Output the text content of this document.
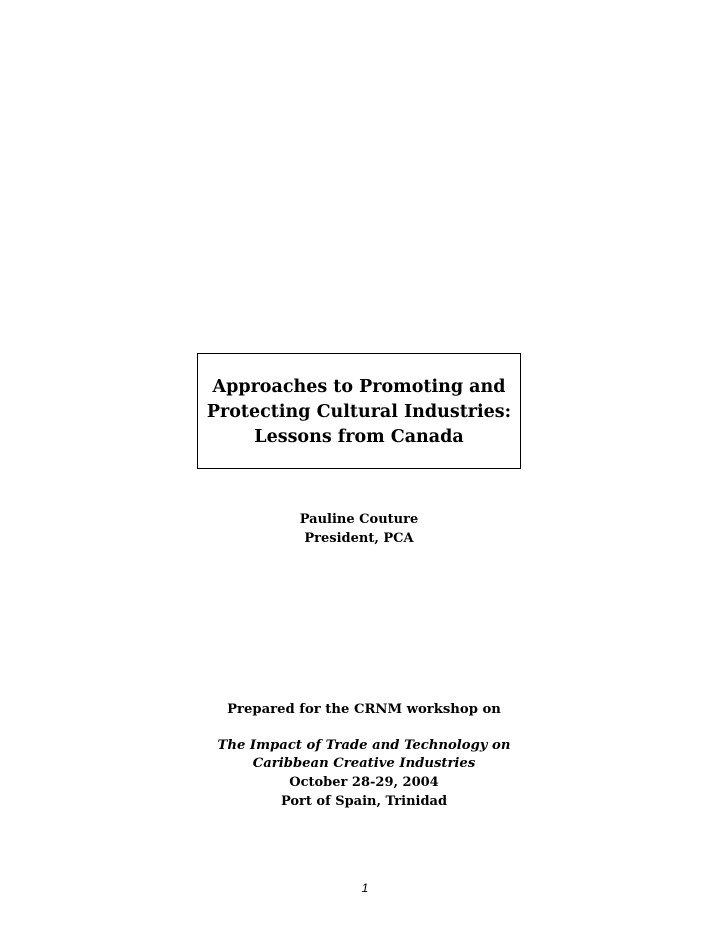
Approaches to Promoting and
Protecting Cultural Industries:
Lessons from Canada
Pauline Couture
President, PCA
Prepared for the CRNM workshop on
The Impact of Trade and Technology on
Caribbean Creative Industries
October 28-29, 2004
Port of Spain, Trinidad
1
